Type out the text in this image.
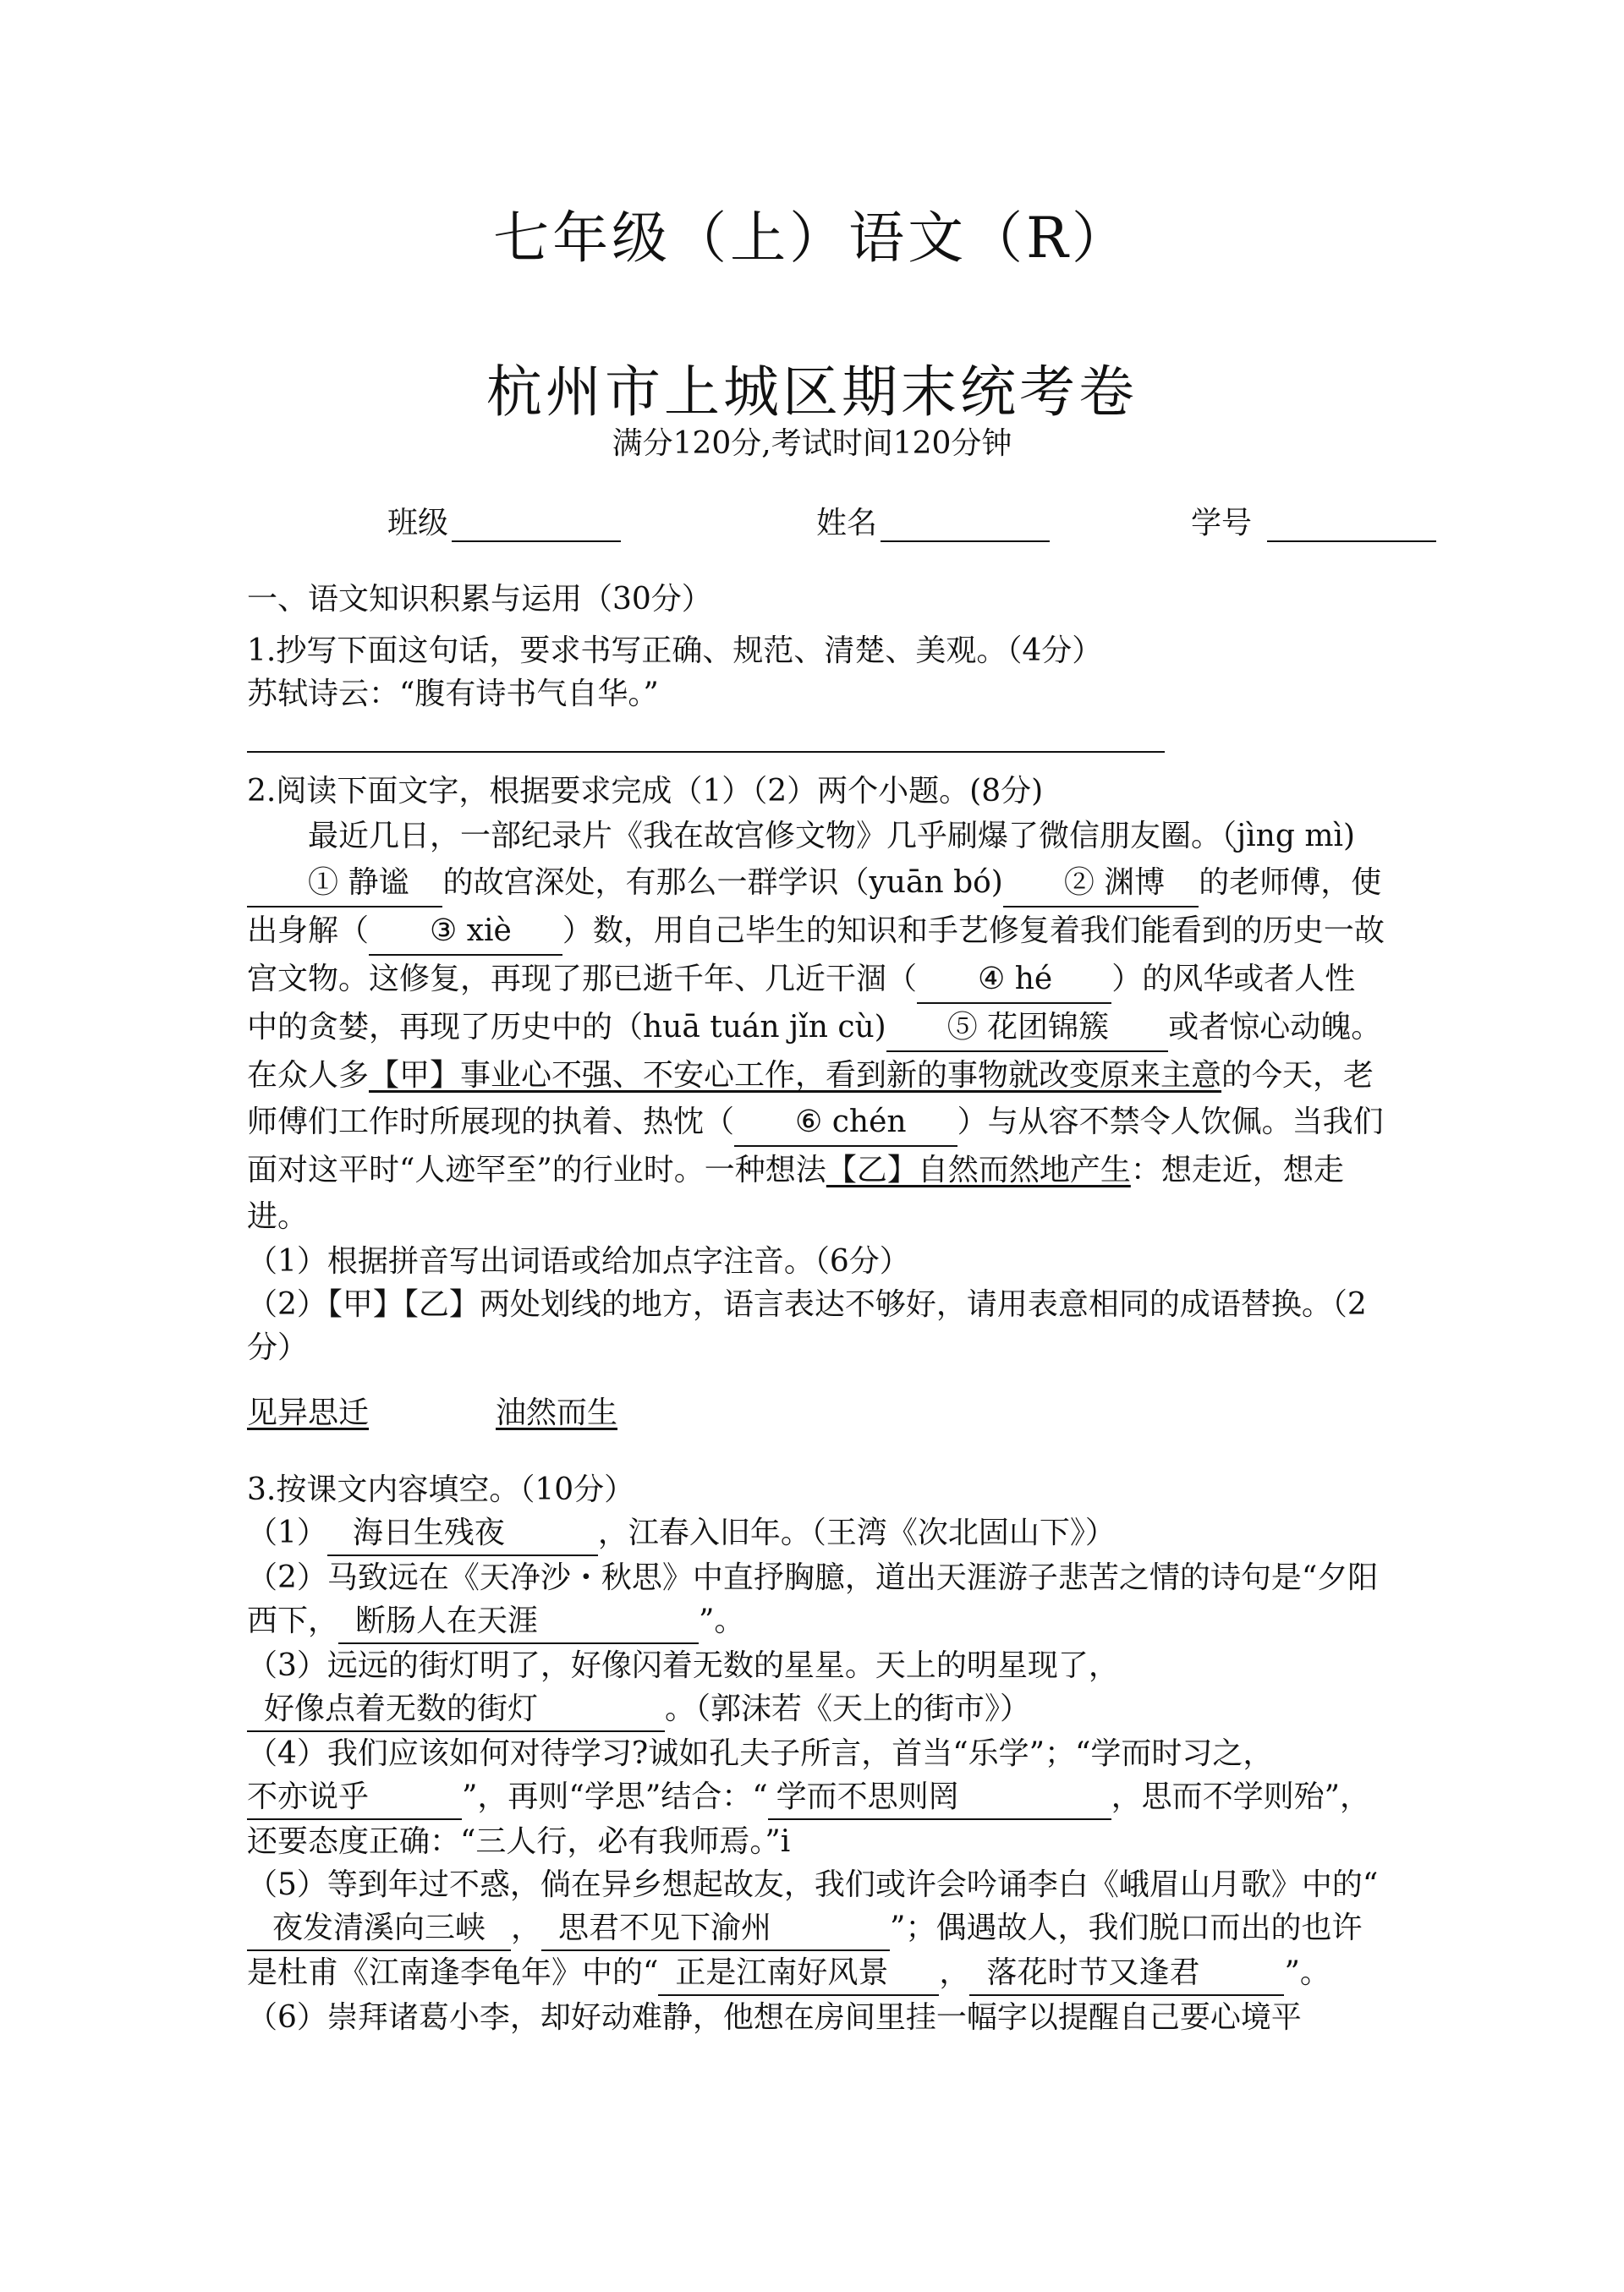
七年级（上）语文（R）
杭州市上城区期末统考卷
满分120分,考试时间120分钟
班级	姓名	学号

一、语文知识积累与运用（30分）

1.抄写下面这句话，要求书写正确、规范、清楚、美观。（4分）

苏轼诗云：“腹有诗书气自华。”

2.阅读下面文字，根据要求完成（1）（2）两个小题。(8分)

最近几日，一部纪录片《我在故宫修文物》几乎刷爆了微信朋友圈。（jìng mì)① 静谧 的故宫深处，有那么一群学识（yuān bó) ② 渊博 的老师傅，使出身解（ ③ xiè ）数，用自己毕生的知识和手艺修复着我们能看到的历史一故宫文物。这修复，再现了那已逝千年、几近干涸（ ④ hé ）的风华或者人性中的贪婪，再现了历史中的（huā tuán jǐn cù) ⑤ 花团锦簇 或者惊心动魄。在众人多【甲】事业心不强、不安心工作，看到新的事物就改变原来主意的今天，老师傅们工作时所展现的执着、热忱（ ⑥ chén ）与从容不禁令人饮佩。当我们面对这平时“人迹罕至”的行业时。一种想法【乙】自然而然地产生：想走近，想走进。

（1）根据拼音写出词语或给加点字注音。（6分）

（2）【甲】【乙】两处划线的地方，语言表达不够好，请用表意相同的成语替换。（2分）

见异思迁	油然而生

3.按课文内容填空。（10分）

（1） 海日生残夜	，江春入旧年。（王湾《次北固山下》）

（2）马致远在《天净沙・秋思》中直抒胸臆，道出天涯游子悲苦之情的诗句是“夕阳西下， 断肠人在天涯	”。

（3）远远的街灯明了，好像闪着无数的星星。天上的明星现了，好像点着无数的街灯	。（郭沫若《天上的街市》）

（4）我们应该如何对待学习?诚如孔夫子所言，首当“乐学”；“学而时习之，不亦说乎	”，再则“学思”结合：“ 学而不思则罔	，思而不学则殆”，还要态度正确：“三人行，必有我师焉。”i

（5）等到年过不惑，倘在异乡想起故友，我们或许会吟诵李白《峨眉山月歌》中的“夜发清溪向三峡 ， 思君不见下渝州	”；偶遇故人，我们脱口而出的也许是杜甫《江南逢李龟年》中的“ 正是江南好风景 ， 落花时节又逢君	”。

（6）崇拜诸葛小李，却好动难静，他想在房间里挂一幅字以提醒自己要心境平
